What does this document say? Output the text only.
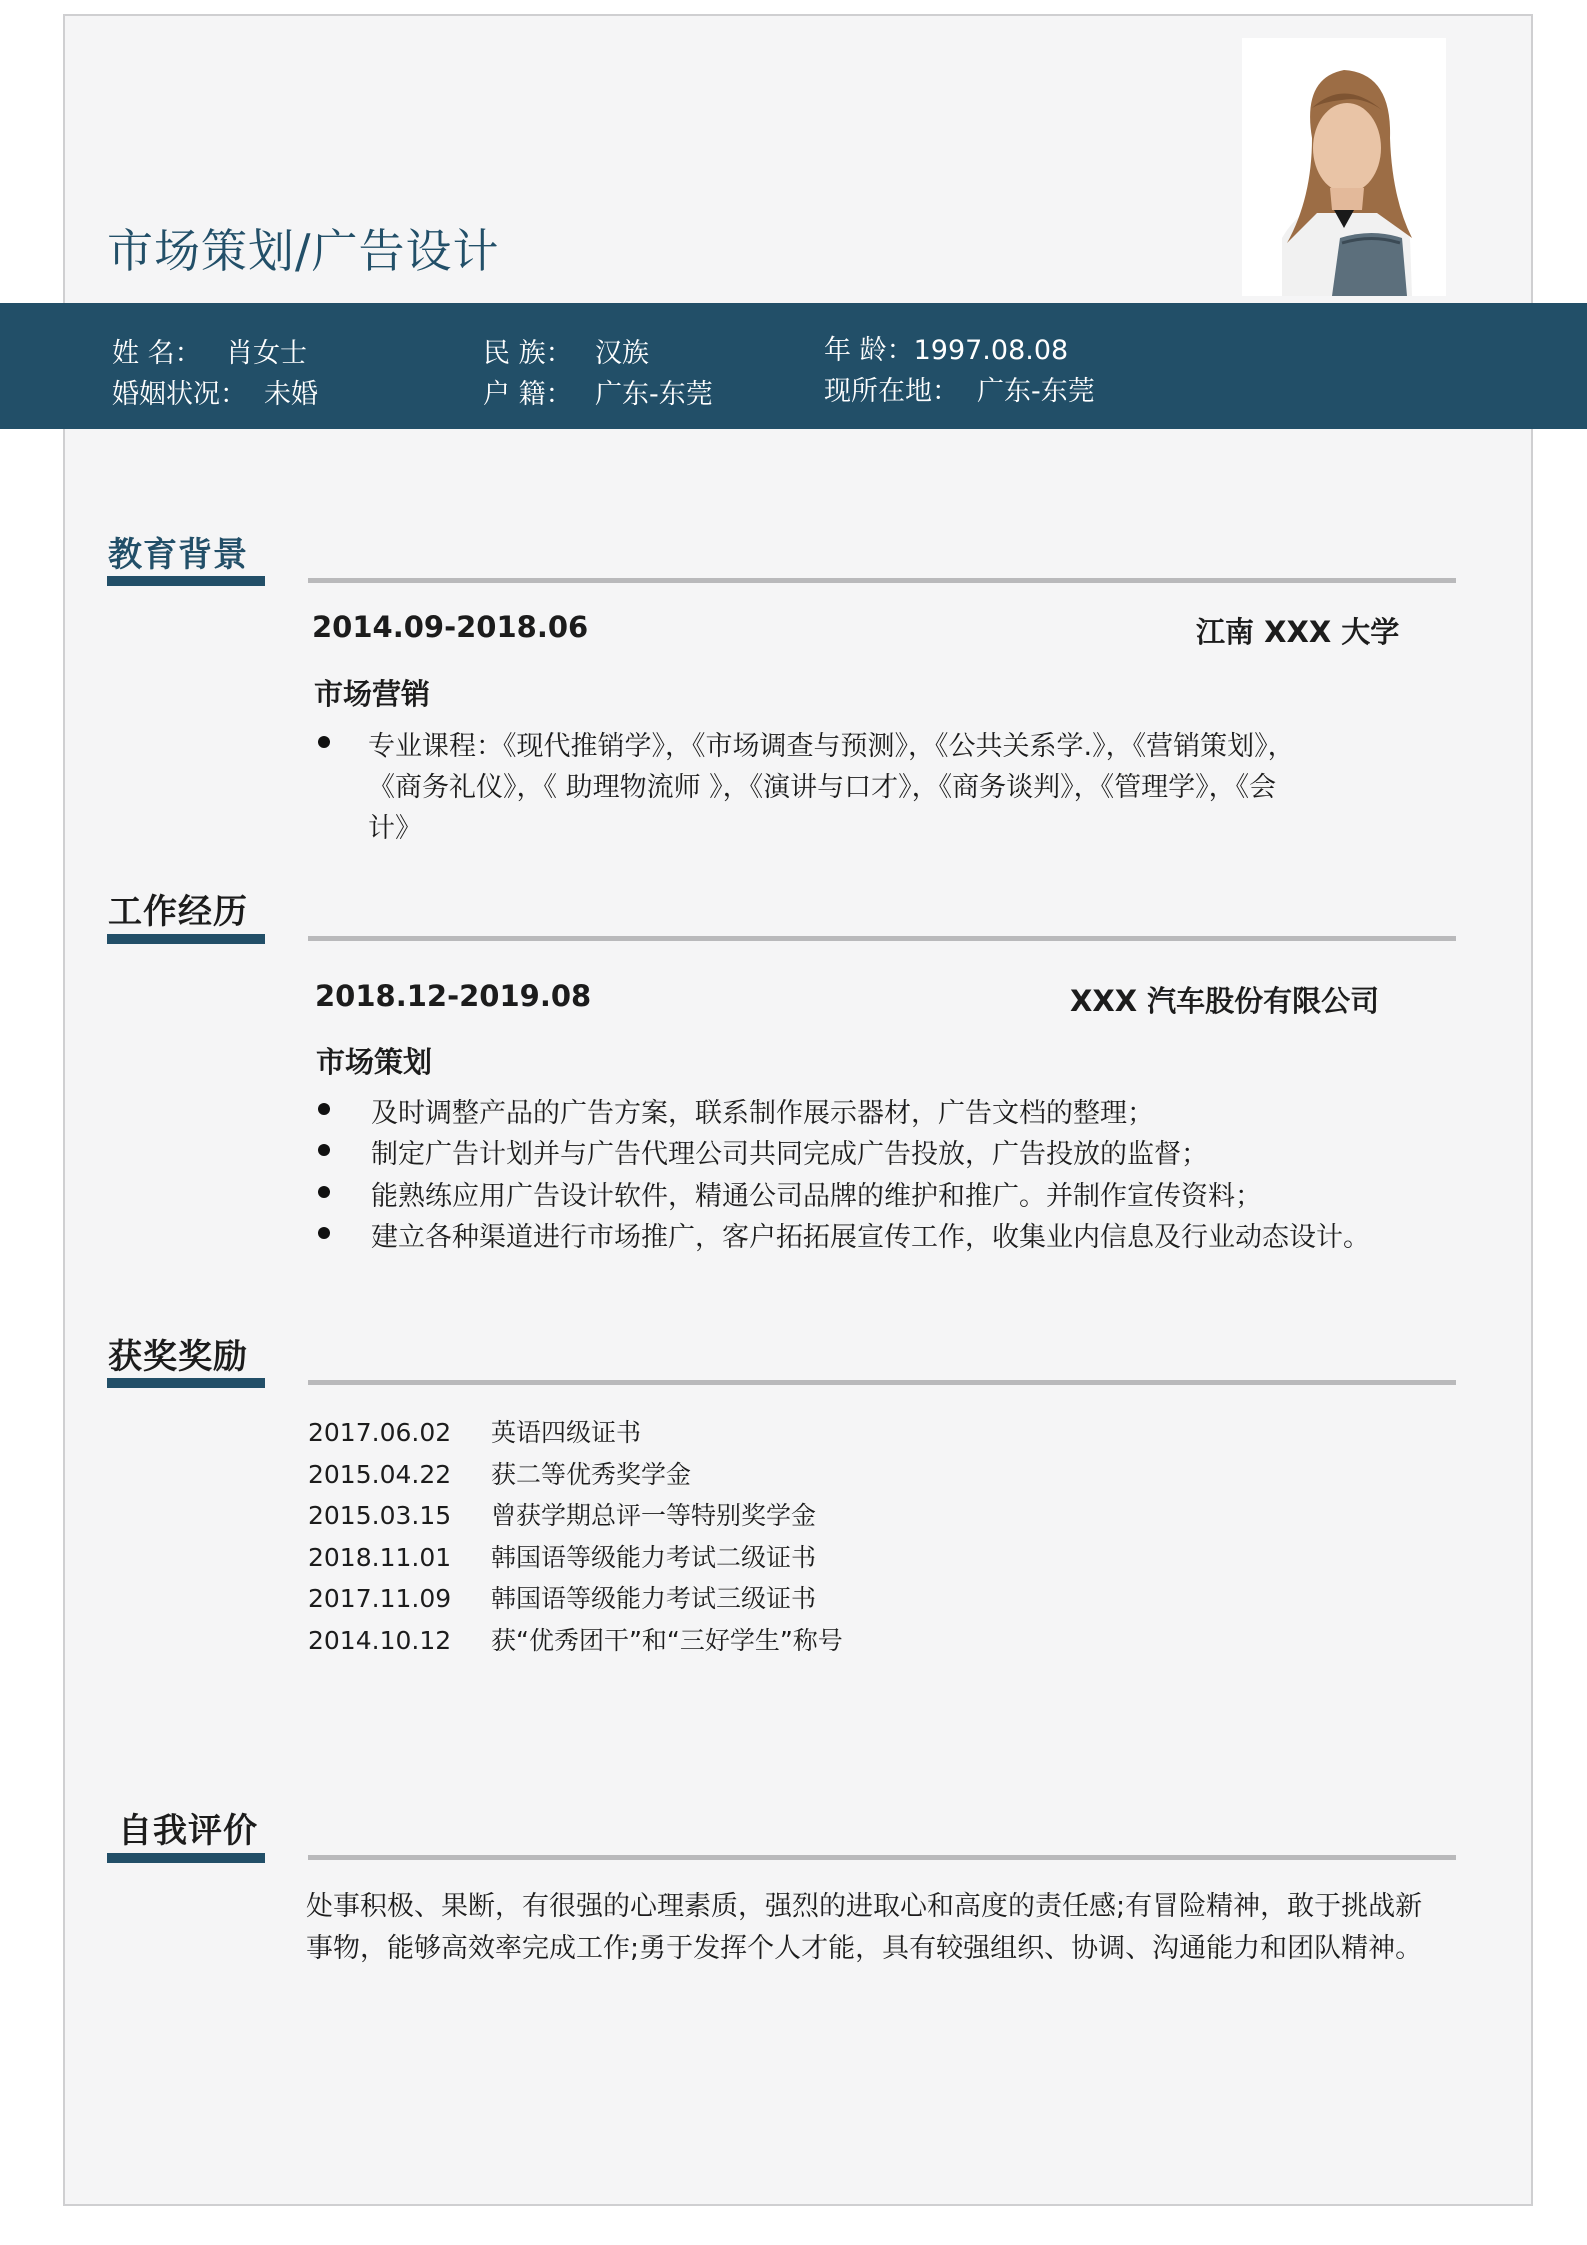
市场策划/广告设计
姓 名： 肖女士	民 族： 汉族	年 龄：1997.08.08
婚姻状况： 未婚	户 籍： 广东-东莞	现所在地： 广东-东莞
教育背景
2014.09-2018.06	江南 XXX 大学
市场营销
专业课程：《现代推销学》，《市场调查与预测》，《公共关系学.》，《营销策划》，
《商务礼仪》，《 助理物流师 》，《演讲与口才》，《商务谈判》，《管理学》，《会
计》
工作经历
2018.12-2019.08	XXX 汽车股份有限公司
市场策划
及时调整产品的广告方案，联系制作展示器材，广告文档的整理；
制定广告计划并与广告代理公司共同完成广告投放，广告投放的监督；
能熟练应用广告设计软件，精通公司品牌的维护和推广。并制作宣传资料；
建立各种渠道进行市场推广，客户拓拓展宣传工作，收集业内信息及行业动态设计。
获奖奖励
2017.06.02 英语四级证书
2015.04.22 获二等优秀奖学金
2015.03.15 曾获学期总评一等特别奖学金
2018.11.01 韩国语等级能力考试二级证书
2017.11.09 韩国语等级能力考试三级证书
2014.10.12 获“优秀团干”和“三好学生”称号
自我评价
处事积极、果断，有很强的心理素质，强烈的进取心和高度的责任感;有冒险精神，敢于挑战新
事物，能够高效率完成工作;勇于发挥个人才能，具有较强组织、协调、沟通能力和团队精神。
